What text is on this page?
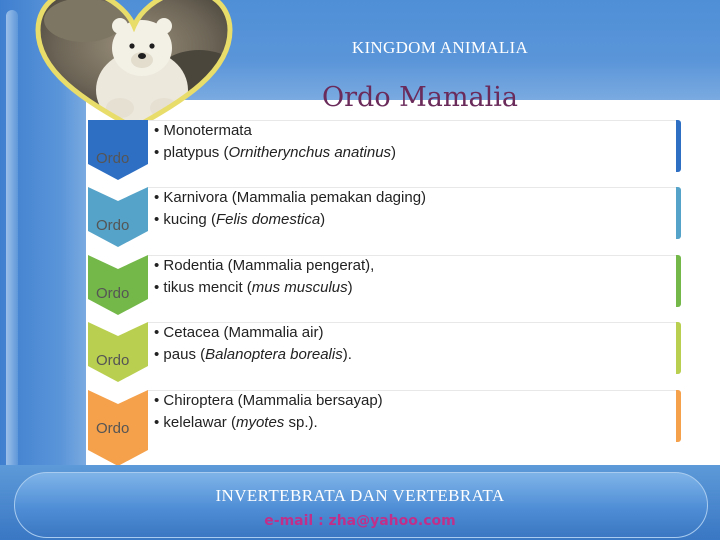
KINGDOM ANIMALIA
Ordo Mamalia
Ordo
• Monotermata
• platypus (Ornitherynchus anatinus)
Ordo
• Karnivora (Mammalia pemakan daging)
• kucing (Felis domestica)
Ordo
• Rodentia (Mammalia pengerat),
• tikus mencit (mus musculus)
Ordo
• Cetacea (Mammalia air)
• paus (Balanoptera borealis).
Ordo
• Chiroptera (Mammalia bersayap)
• kelelawar (myotes sp.).
INVERTEBRATA DAN VERTEBRATA
e-mail : zha@yahoo.com
